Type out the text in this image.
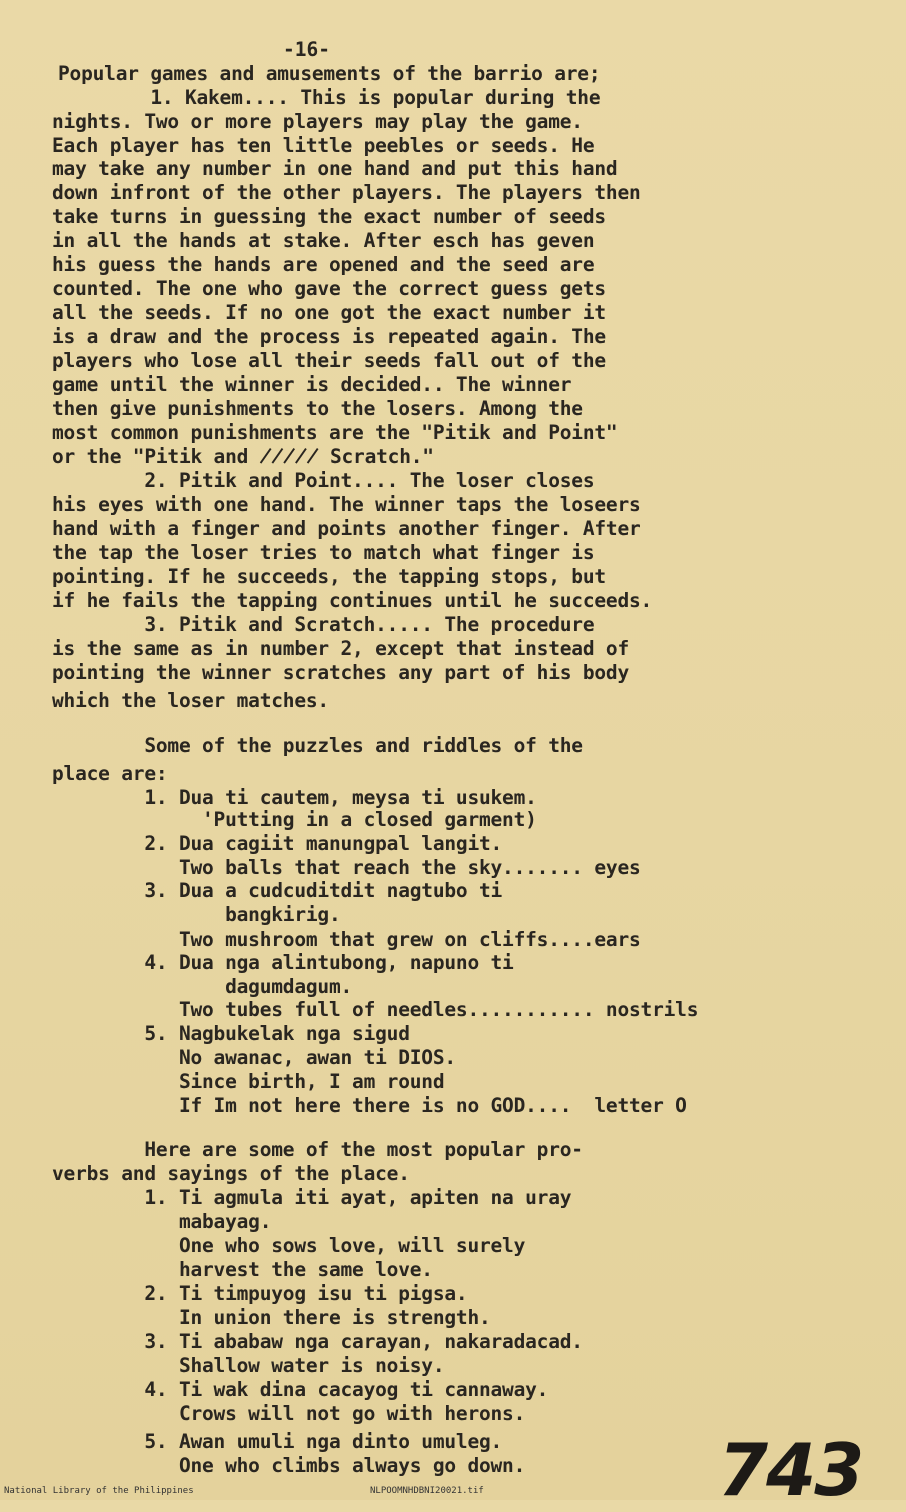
-16-
Popular games and amusements of the barrio are;
1. Kakem.... This is popular during the
nights. Two or more players may play the game.
Each player has ten little peebles or seeds. He
may take any number in one hand and put this hand
down infront of the other players. The players then
take turns in guessing the exact number of seeds
in all the hands at stake. After esch has geven
his guess the hands are opened and the seed are
counted. The one who gave the correct guess gets
all the seeds. If no one got the exact number it
is a draw and the process is repeated again. The
players who lose all their seeds fall out of the
game until the winner is decided.. The winner
then give punishments to the losers. Among the
most common punishments are the "Pitik and Point"
or the "Pitik and ̸̸̸̸̸ Scratch."
2. Pitik and Point.... The loser closes
his eyes with one hand. The winner taps the loseers
hand with a finger and points another finger. After
the tap the loser tries to match what finger is
pointing. If he succeeds, the tapping stops, but
if he fails the tapping continues until he succeeds.
3. Pitik and Scratch..... The procedure
is the same as in number 2, except that instead of
pointing the winner scratches any part of his body
which the loser matches.
Some of the puzzles and riddles of the
place are:
1. Dua ti cautem, meysa ti usukem.
'Putting in a closed garment)
2. Dua cagiit manungpal langit.
Two balls that reach the sky....... eyes
3. Dua a cudcuditdit nagtubo ti
bangkirig.
Two mushroom that grew on cliffs....ears
4. Dua nga alintubong, napuno ti
dagumdagum.
Two tubes full of needles........... nostrils
5. Nagbukelak nga sigud
No awanac, awan ti DIOS.
Since birth, I am round
If Im not here there is no GOD....  letter O
Here are some of the most popular pro-
verbs and sayings of the place.
1. Ti agmula iti ayat, apiten na uray
mabayag.
One who sows love, will surely
harvest the same love.
2. Ti timpuyog isu ti pigsa.
In union there is strength.
3. Ti ababaw nga carayan, nakaradacad.
Shallow water is noisy.
4. Ti wak dina cacayog ti cannaway.
Crows will not go with herons.
5. Awan umuli nga dinto umuleg.
One who climbs always go down.	743
National Library of the Philippines	NLPOOMNHDBNI20021.tif
